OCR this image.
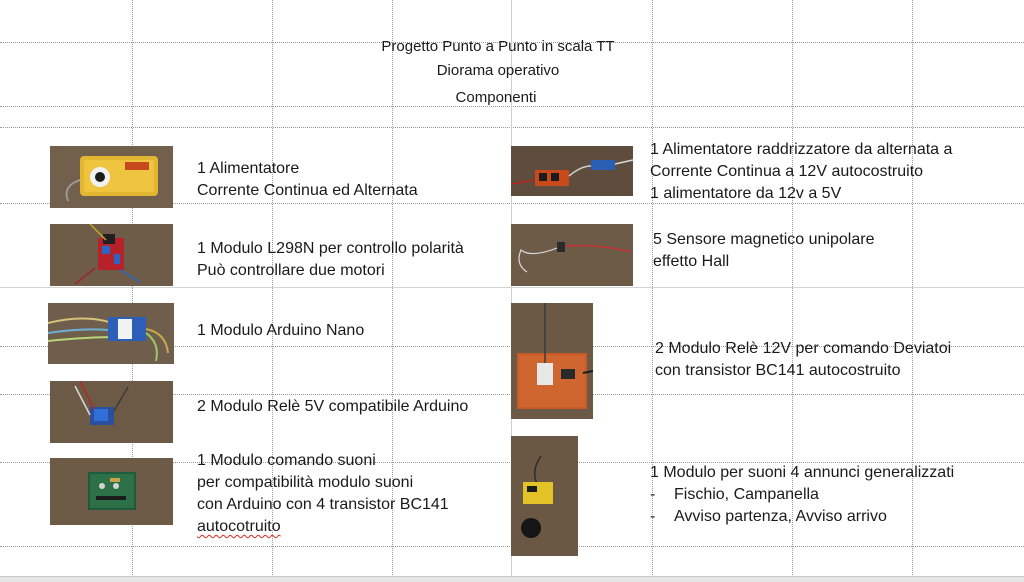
Progetto Punto a Punto in scala TT
Diorama operativo
Componenti
1 Alimentatore
Corrente Continua ed Alternata
1 Modulo L298N per controllo polarità
Può controllare due motori
1 Modulo Arduino Nano
2 Modulo Relè 5V compatibile Arduino
1 Modulo comando suoni
per compatibilità modulo suoni
con Arduino con 4 transistor BC141
autocotruito
1 Alimentatore raddrizzatore da alternata a
Corrente Continua a 12V autocostruito
1 alimentatore da 12v a 5V
5 Sensore magnetico unipolare
effetto Hall
2 Modulo Relè 12V per comando Deviatoi
con transistor BC141 autocostruito
1 Modulo per suoni 4 annunci generalizzati
- Fischio, Campanella
- Avviso partenza, Avviso arrivo
